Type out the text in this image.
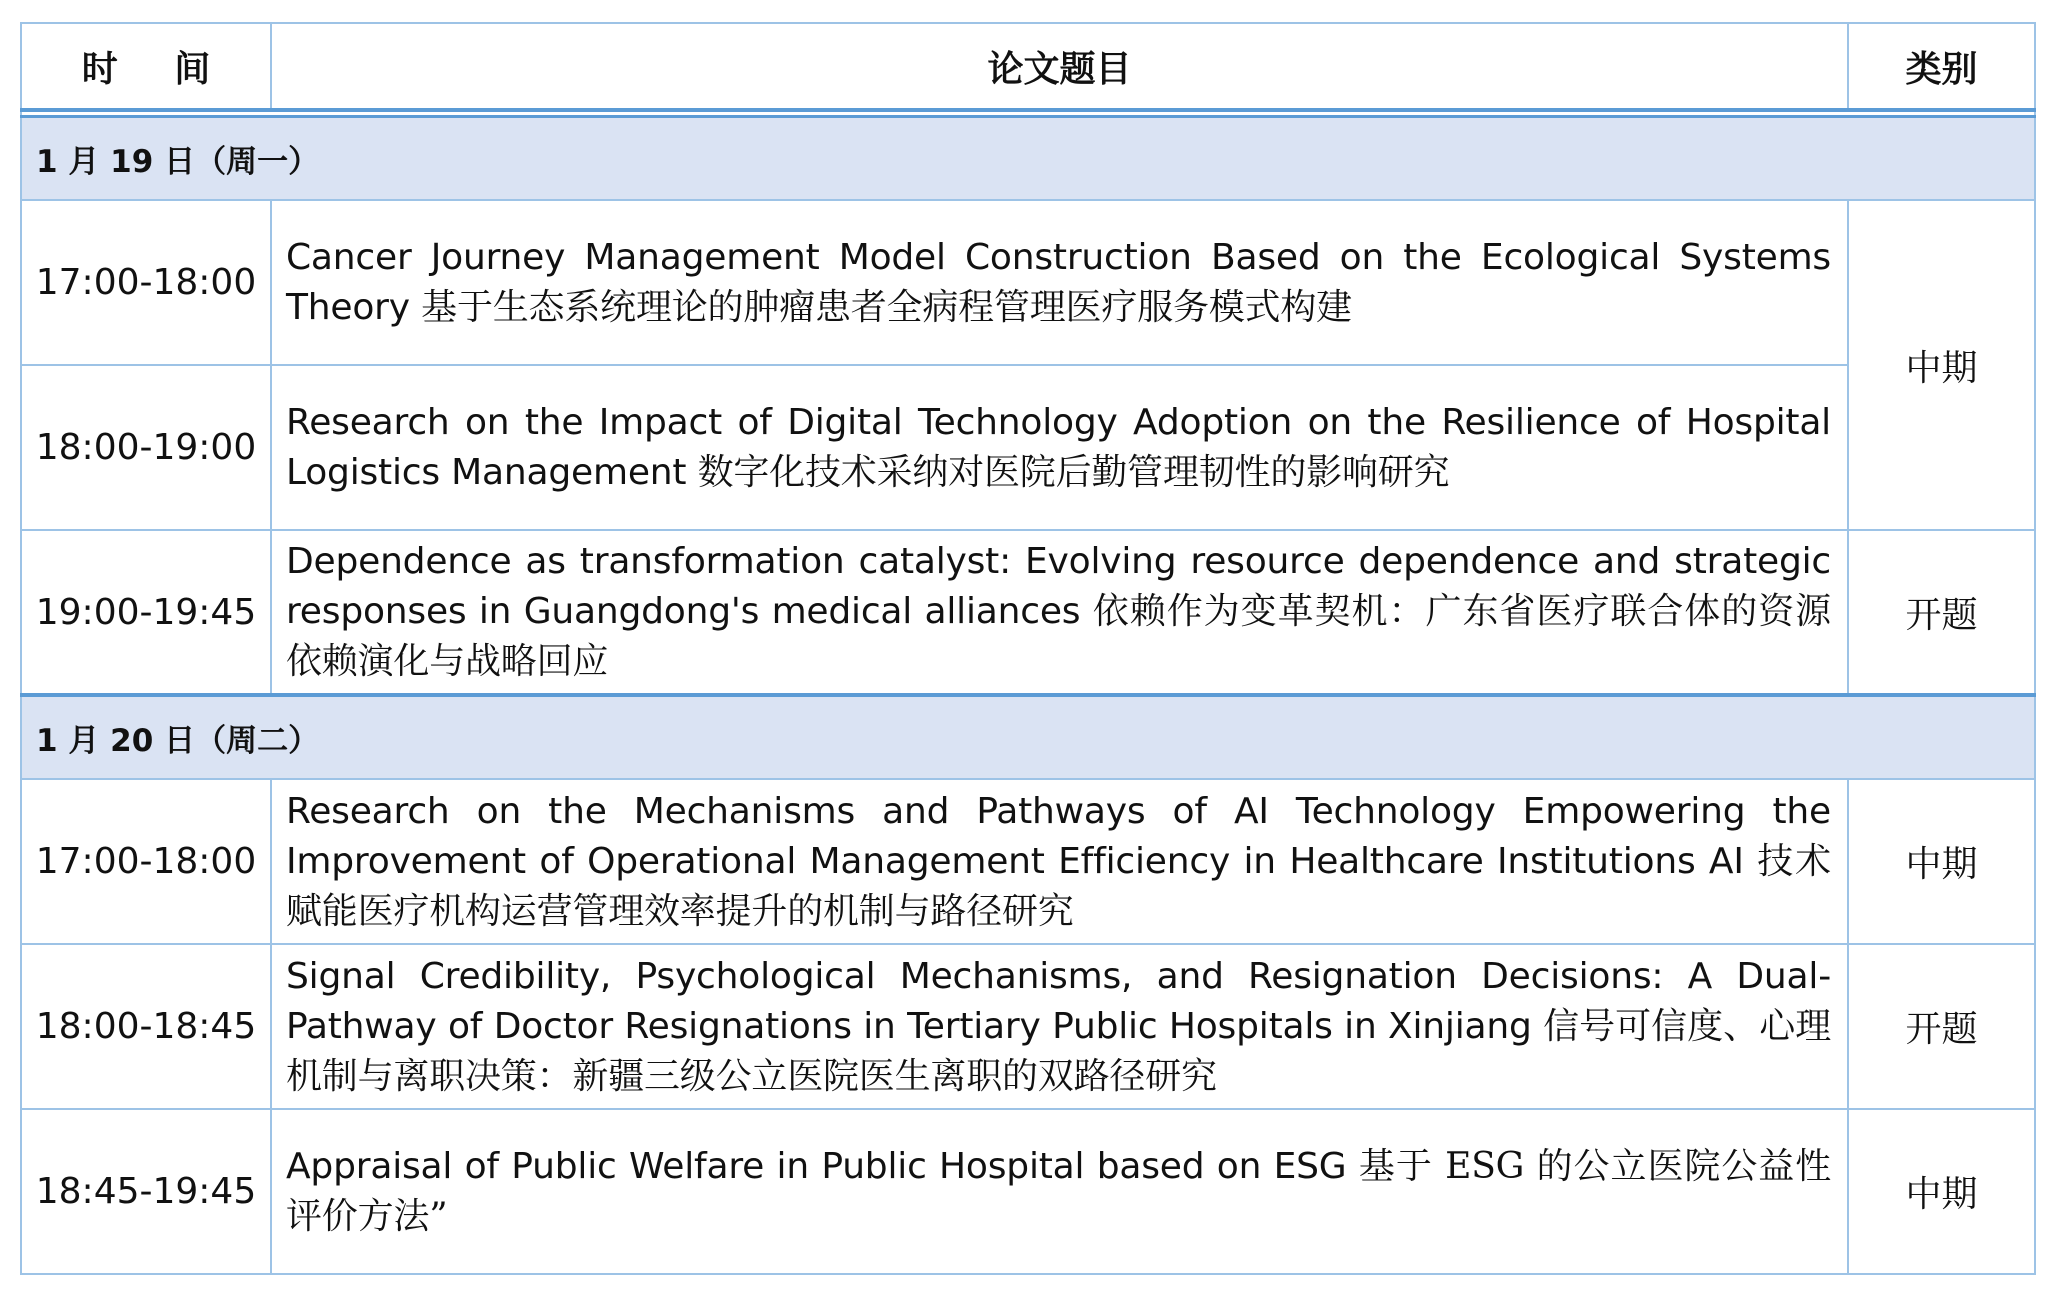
时 间	论文题目	类别

1 月 19 日（周一）		
17:00-18:00	Cancer Journey Management Model Construction Based on the Ecological Systems Theory 基于生态系统理论的肿瘤患者全病程管理医疗服务模式构建	中期
18:00-19:00	Research on the Impact of Digital Technology Adoption on the Resilience of Hospital Logistics Management 数字化技术采纳对医院后勤管理韧性的影响研究	
19:00-19:45	Dependence as transformation catalyst: Evolving resource dependence and strategic responses in Guangdong's medical alliances 依赖作为变革契机：广东省医疗联合体的资源依赖演化与战略回应	开题
1 月 20 日（周二）		
17:00-18:00	Research on the Mechanisms and Pathways of AI Technology Empowering the Improvement of Operational Management Efficiency in Healthcare Institutions AI 技术赋能医疗机构运营管理效率提升的机制与路径研究	中期
18:00-18:45	Signal Credibility, Psychological Mechanisms, and Resignation Decisions: A Dual-Pathway of Doctor Resignations in Tertiary Public Hospitals in Xinjiang 信号可信度、心理机制与离职决策：新疆三级公立医院医生离职的双路径研究	开题
18:45-19:45	Appraisal of Public Welfare in Public Hospital based on ESG 基于 ESG 的公立医院公益性评价方法”	中期
